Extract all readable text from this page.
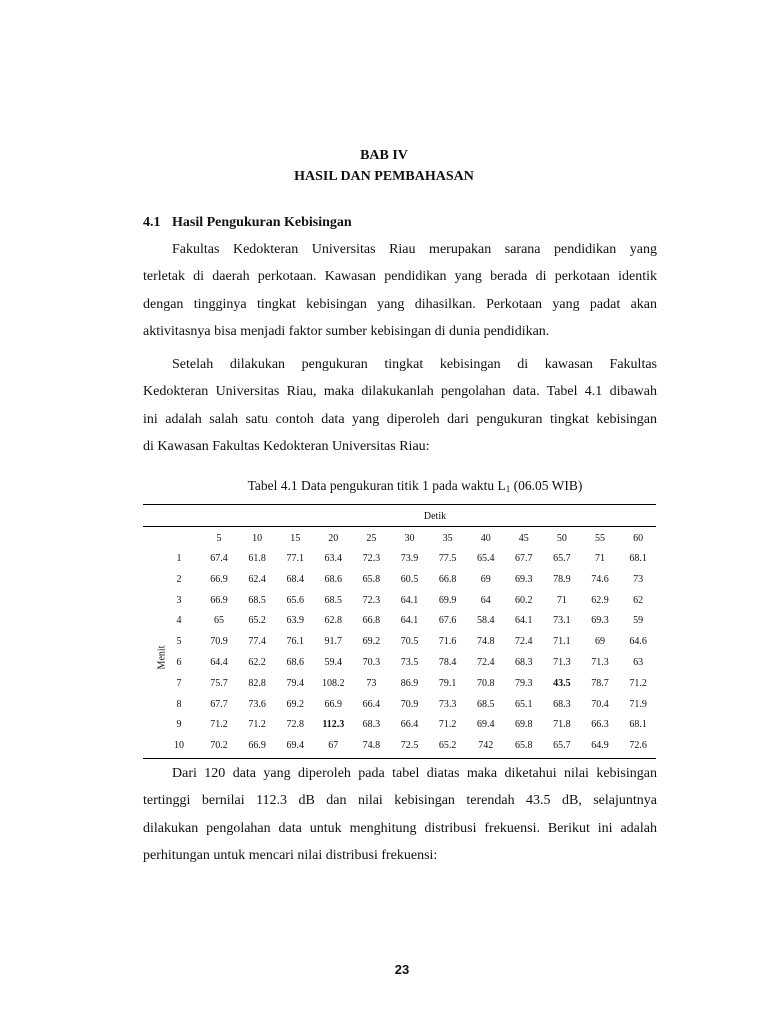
BAB IV
HASIL DAN PEMBAHASAN
4.1 Hasil Pengukuran Kebisingan
Fakultas Kedokteran Universitas Riau merupakan sarana pendidikan yang
terletak di daerah perkotaan. Kawasan pendidikan yang berada di perkotaan identik
dengan tingginya tingkat kebisingan yang dihasilkan. Perkotaan yang padat akan
aktivitasnya bisa menjadi faktor sumber kebisingan di dunia pendidikan.
Setelah dilakukan pengukuran tingkat kebisingan di kawasan Fakultas
Kedokteran Universitas Riau, maka dilakukanlah pengolahan data. Tabel 4.1 dibawah
ini adalah salah satu contoh data yang diperoleh dari pengukuran tingkat kebisingan
di Kawasan Fakultas Kedokteran Universitas Riau:
Tabel 4.1 Data pengukuran titik 1 pada waktu $L_1$ (06.05 WIB)
Detik
Menit
5	10	15	20	25	30	35	40	45	50	55	60
1	67.4	61.8	77.1	63.4	72.3	73.9	77.5	65.4	67.7	65.7	71	68.1
2	66.9	62.4	68.4	68.6	65.8	60.5	66.8	69	69.3	78.9	74.6	73
3	66.9	68.5	65.6	68.5	72.3	64.1	69.9	64	60.2	71	62.9	62
4	65	65.2	63.9	62.8	66.8	64.1	67.6	58.4	64.1	73.1	69.3	59
5	70.9	77.4	76.1	91.7	69.2	70.5	71.6	74.8	72.4	71.1	69	64.6
6	64.4	62.2	68.6	59.4	70.3	73.5	78.4	72.4	68.3	71.3	71.3	63
7	75.7	82.8	79.4	108.2	73	86.9	79.1	70.8	79.3	43.5	78.7	71.2
8	67.7	73.6	69.2	66.9	66.4	70.9	73.3	68.5	65.1	68.3	70.4	71.9
9	71.2	71.2	72.8	112.3	68.3	66.4	71.2	69.4	69.8	71.8	66.3	68.1
10	70.2	66.9	69.4	67	74.8	72.5	65.2	742	65.8	65.7	64.9	72.6
Dari 120 data yang diperoleh pada tabel diatas maka diketahui nilai kebisingan
tertinggi bernilai 112.3 dB dan nilai kebisingan terendah 43.5 dB, selajuntnya
dilakukan pengolahan data untuk menghitung distribusi frekuensi. Berikut ini adalah
perhitungan untuk mencari nilai distribusi frekuensi:
23
